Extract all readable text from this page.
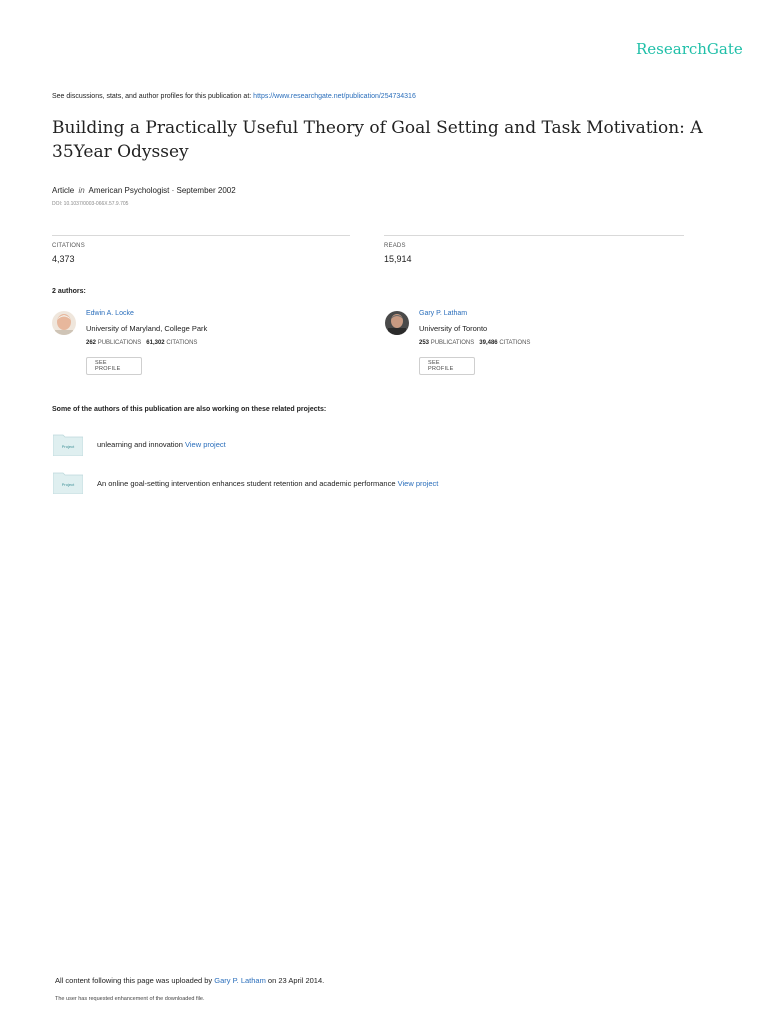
ResearchGate
See discussions, stats, and author profiles for this publication at: https://www.researchgate.net/publication/254734316
Building a Practically Useful Theory of Goal Setting and Task Motivation: A 35Year Odyssey
Article in American Psychologist · September 2002
DOI: 10.1037/0003-066X.57.9.705
CITATIONS
4,373
READS
15,914
2 authors:
Edwin A. Locke
University of Maryland, College Park
262 PUBLICATIONS 61,302 CITATIONS
SEE PROFILE
Gary P. Latham
University of Toronto
253 PUBLICATIONS 39,486 CITATIONS
SEE PROFILE
Some of the authors of this publication are also working on these related projects:
Project	unlearning and innovation View project
Project	An online goal-setting intervention enhances student retention and academic performance View project
All content following this page was uploaded by Gary P. Latham on 23 April 2014.
The user has requested enhancement of the downloaded file.
